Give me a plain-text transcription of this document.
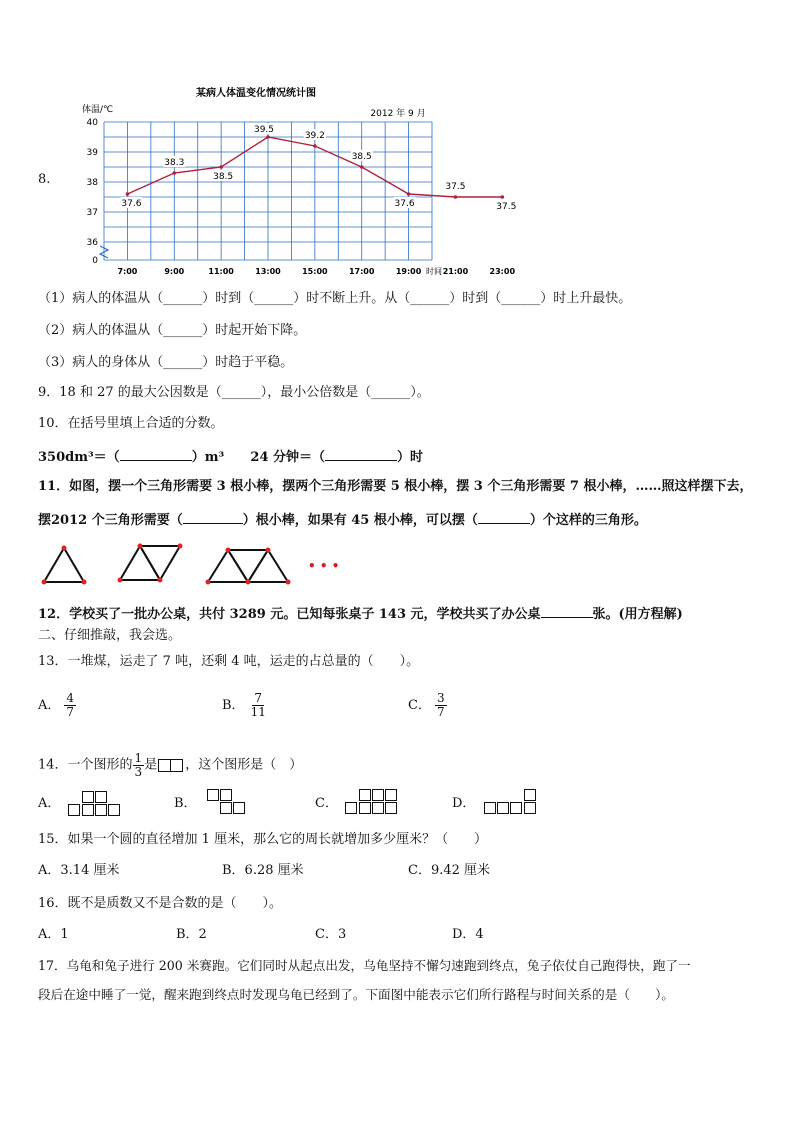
8.
某病人体温变化情况统计图
2012 年 9 月
体温/℃
时间
40
39
38
37
36
0
7:00	9:00	11:00	13:00	15:00	17:00	19:00	21:00	23:00
37.6
38.3
38.5
39.5
39.2
38.5
37.6
37.5
37.5
（1）病人的体温从（______）时到（______）时不断上升。从（______）时到（______）时上升最快。
（2）病人的体温从（______）时起开始下降。
（3）病人的身体从（______）时趋于平稳。
9．18 和 27 的最大公因数是（______），最小公倍数是（______）。
10．在括号里填上合适的分数。
350dm³＝（	）m³ 24 分钟＝（	）时
11．如图，摆一个三角形需要 3 根小棒，摆两个三角形需要 5 根小棒，摆 3 个三角形需要 7 根小棒，……照这样摆下去，
摆2012 个三角形需要（	）根小棒，如果有 45 根小棒，可以摆（	）个这样的三角形。
• • •
12．学校买了一批办公桌，共付 3289 元。已知每张桌子 143 元，学校共买了办公桌	张。(用方程解)
二、仔细推敲，我会选。
13．一堆煤，运走了 7 吨，还剩 4 吨，运走的占总量的（　　）。
A． $\frac{4}{7}$	B． $\frac{7}{11}$	C． $\frac{3}{7}$
14．一个图形的 $\frac{1}{3}$ 是 ，这个图形是（　）
A．	B．	C．	D．
15．如果一个圆的直径增加 1 厘米，那么它的周长就增加多少厘米？（　　）
A．3.14 厘米	B．6.28 厘米	C．9.42 厘米
16．既不是质数又不是合数的是（　　）。
A．1	B．2	C．3	D．4
17．乌龟和兔子进行 200 米赛跑。它们同时从起点出发，乌龟坚持不懈匀速跑到终点，兔子依仗自己跑得快，跑了一
段后在途中睡了一觉，醒来跑到终点时发现乌龟已经到了。下面图中能表示它们所行路程与时间关系的是（　　）。
